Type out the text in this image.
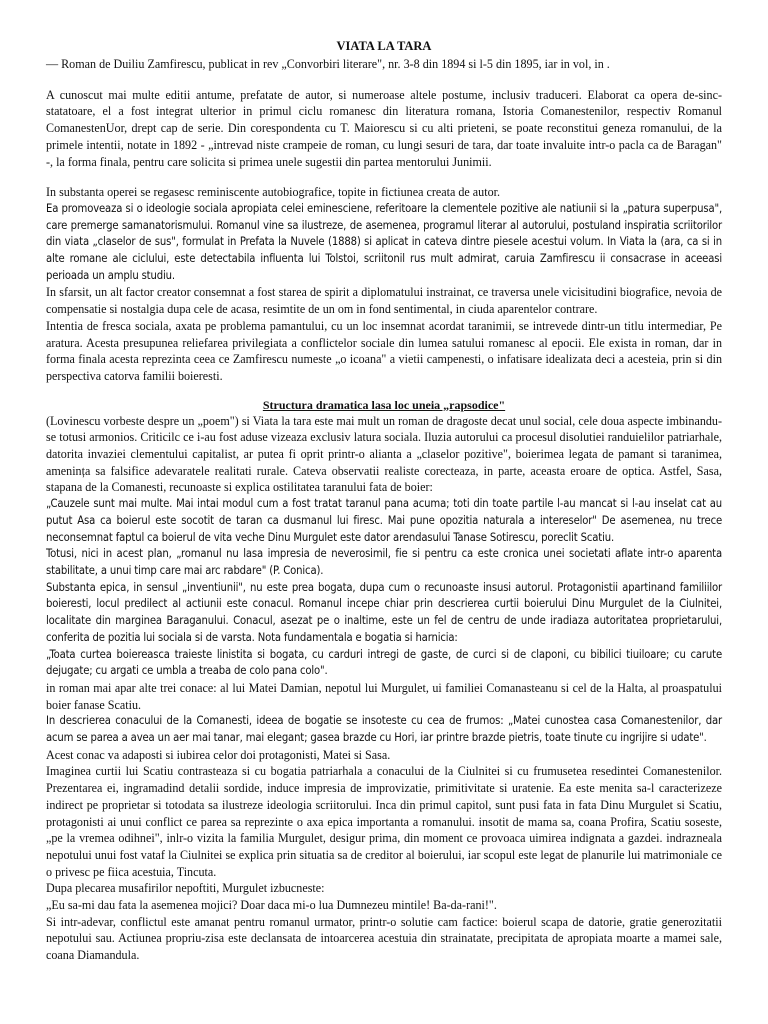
VIATA LA TARA

— Roman de Duiliu Zamfirescu, publicat in rev „Convorbiri literare", nr. 3-8 din 1894 si l-5 din 1895, iar in vol, in .

A cunoscut mai multe editii antume, prefatate de autor, si numeroase altele postume, inclusiv traduceri. Elaborat ca opera de-sinc-statatoare, el a fost integrat ulterior in primul ciclu romanesc din literatura romana, Istoria Comanestenilor, respectiv Romanul ComanestenUor, drept cap de serie. Din corespondenta cu T. Maiorescu si cu alti prieteni, se poate reconstitui geneza romanului, de la primele intentii, notate in 1892 - „intrevad niste crampeie de roman, cu lungi sesuri de tara, dar toate invaluite intr-o pacla ca de Baragan" -, la forma finala, pentru care solicita si primea unele sugestii din partea mentorului Junimii.

In substanta operei se regasesc reminiscente autobiografice, topite in fictiunea creata de autor.

Ea promoveaza si o ideologie sociala apropiata celei eminesciene, referitoare la clementele pozitive ale natiunii si la „patura superpusa", care premerge samanatorismului. Romanul vine sa ilustreze, de asemenea, programul literar al autorului, postuland inspiratia scriitorilor din viata „claselor de sus", formulat in Prefata la Nuvele (1888) si aplicat in cateva dintre piesele acestui volum. In Viata la (ara, ca si in alte romane ale ciclului, este detectabila influenta lui Tolstoi, scriitonil rus mult admirat, caruia Zamfirescu ii consacrase in aceeasi perioada un amplu studiu.

In sfarsit, un alt factor creator consemnat a fost starea de spirit a diplomatului instrainat, ce traversa unele vicisitudini biografice, nevoia de compensatie si nostalgia dupa cele de acasa, resimtite de un om in fond sentimental, in ciuda aparentelor contrare.

Intentia de fresca sociala, axata pe problema pamantului, cu un loc insemnat acordat taranimii, se intrevede dintr-un titlu intermediar, Pe aratura. Acesta presupunea reliefarea privilegiata a conflictelor sociale din lumea satului romanesc al epocii. Ele exista in roman, dar in forma finala acesta reprezinta ceea ce Zamfirescu numeste „o icoana" a vietii campenesti, o infatisare idealizata deci a acesteia, prin si din perspectiva catorva familii boieresti.

Structura dramatica lasa loc uneia „rapsodice"

(Lovinescu vorbeste despre un „poem") si Viata la tara este mai mult un roman de dragoste decat unul social, cele doua aspecte imbinandu-se totusi armonios. Criticilc ce i-au fost aduse vizeaza exclusiv latura sociala. Iluzia autorului ca procesul disolutiei randuielilor patriarhale, datorita invaziei clementului capitalist, ar putea fi oprit printr-o alianta a „claselor pozitive", boierimea legata de pamant si taranimea, amenința sa falsifice adevaratele realitati rurale. Cateva observatii realiste corecteaza, in parte, aceasta eroare de optica. Astfel, Sasa, stapana de la Comanesti, recunoaste si explica ostilitatea taranului fata de boier:

„Cauzele sunt mai multe. Mai intai modul cum a fost tratat taranul pana acuma; toti din toate partile l-au mancat si l-au inselat cat au putut Asa ca boierul este socotit de taran ca dusmanul lui firesc. Mai pune opozitia naturala a intereselor" De asemenea, nu trece neconsemnat faptul ca boierul de vita veche Dinu Murgulet este dator arendasului Tanase Sotirescu, poreclit Scatiu.

Totusi, nici in acest plan, „romanul nu lasa impresia de neverosimil, fie si pentru ca este cronica unei societati aflate intr-o aparenta stabilitate, a unui timp care mai arc rabdare" (P. Conica).

Substanta epica, in sensul „inventiunii", nu este prea bogata, dupa cum o recunoaste insusi autorul. Protagonistii apartinand familiilor boieresti, locul predilect al actiunii este conacul. Romanul incepe chiar prin descrierea curtii boierului Dinu Murgulet de la Ciulnitei, localitate din marginea Baraganului. Conacul, asezat pe o inaltime, este un fel de centru de unde iradiaza autoritatea proprietarului, conferita de pozitia lui sociala si de varsta. Nota fundamentala e bogatia si harnicia:

„Toata curtea boiereasca traieste linistita si bogata, cu carduri intregi de gaste, de curci si de claponi, cu bibilici tiuiloare; cu carute dejugate; cu argati ce umbla a treaba de colo pana colo".

in roman mai apar alte trei conace: al lui Matei Damian, nepotul lui Murgulet, ui familiei Comanasteanu si cel de la Halta, al proaspatului boier fanase Scatiu.

In descrierea conacului de la Comanesti, ideea de bogatie se insoteste cu cea de frumos: „Matei cunostea casa Comanestenilor, dar acum se parea a avea un aer mai tanar, mai elegant; gasea brazde cu Hori, iar printre brazde pietris, toate tinute cu ingrijire si udate".

Acest conac va adaposti si iubirea celor doi protagonisti, Matei si Sasa.

Imaginea curtii lui Scatiu contrasteaza si cu bogatia patriarhala a conacului de la Ciulnitei si cu frumusetea resedintei Comanestenilor. Prezentarea ei, ingramadind detalii sordide, induce impresia de improvizatie, primitivitate si uratenie. Ea este menita sa-l caracterizeze indirect pe proprietar si totodata sa ilustreze ideologia scriitorului. Inca din primul capitol, sunt pusi fata in fata Dinu Murgulet si Scatiu, protagonisti ai unui conflict ce parea sa reprezinte o axa epica importanta a romanului. insotit de mama sa, coana Profira, Scatiu soseste, „pe la vremea odihnei", inlr-o vizita la familia Murgulet, desigur prima, din moment ce provoaca uimirea indignata a gazdei. indrazneala nepotului unui fost vataf la Ciulnitei se explica prin situatia sa de creditor al boierului, iar scopul este legat de planurile lui matrimoniale ce o privesc pe fiica acestuia, Tincuta.

Dupa plecarea musafirilor nepoftiti, Murgulet izbucneste:

„Eu sa-mi dau fata la asemenea mojici? Doar daca mi-o lua Dumnezeu mintile! Ba-da-rani!".

Si intr-adevar, conflictul este amanat pentru romanul urmator, printr-o solutie cam factice: boierul scapa de datorie, gratie generozitatii nepotului sau. Actiunea propriu-zisa este declansata de intoarcerea acestuia din strainatate, precipitata de apropiata moarte a mamei sale, coana Diamandula.
